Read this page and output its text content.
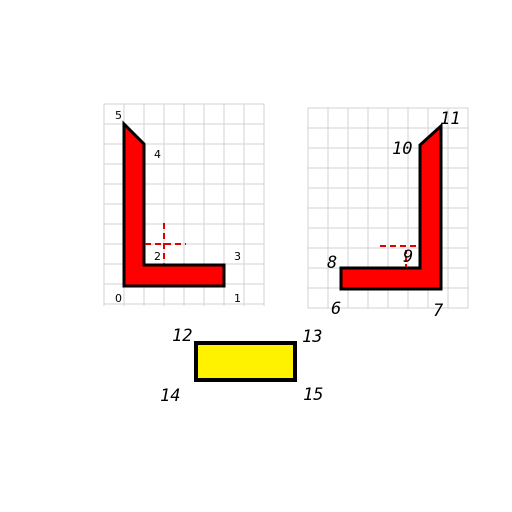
5
4
2	3
0	1
11
10
8	9
6	7
12	13
14	15
